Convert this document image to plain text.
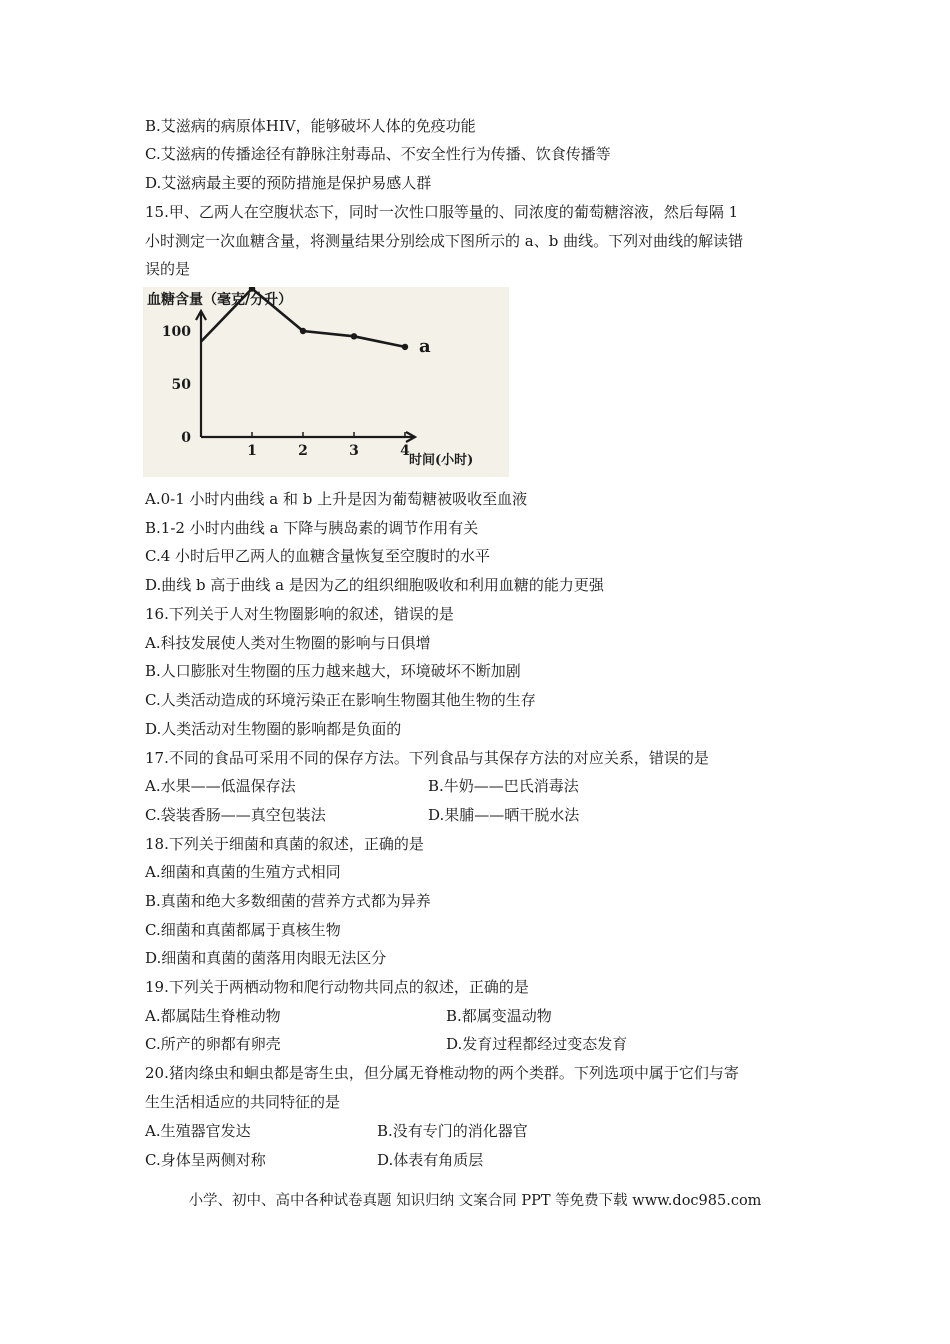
B.艾滋病的病原体HIV，能够破坏人体的免疫功能
C.艾滋病的传播途径有静脉注射毒品、不安全性行为传播、饮食传播等
D.艾滋病最主要的预防措施是保护易感人群
15.甲、乙两人在空腹状态下，同时一次性口服等量的、同浓度的葡萄糖溶液，然后每隔 1
小时测定一次血糖含量，将测量结果分别绘成下图所示的 a、b 曲线。下列对曲线的解读错
误的是
血糖含量（毫克/分升）
时间(小时)
100
50
0
1	2	3	4
a
A.0-1 小时内曲线 a 和 b 上升是因为葡萄糖被吸收至血液
B.1-2 小时内曲线 a 下降与胰岛素的调节作用有关
C.4 小时后甲乙两人的血糖含量恢复至空腹时的水平
D.曲线 b 高于曲线 a 是因为乙的组织细胞吸收和利用血糖的能力更强
16.下列关于人对生物圈影响的叙述，错误的是
A.科技发展使人类对生物圈的影响与日俱增
B.人口膨胀对生物圈的压力越来越大，环境破坏不断加剧
C.人类活动造成的环境污染正在影响生物圈其他生物的生存
D.人类活动对生物圈的影响都是负面的
17.不同的食品可采用不同的保存方法。下列食品与其保存方法的对应关系，错误的是
A.水果——低温保存法	B.牛奶——巴氏消毒法
C.袋装香肠——真空包装法	D.果脯——晒干脱水法
18.下列关于细菌和真菌的叙述，正确的是
A.细菌和真菌的生殖方式相同
B.真菌和绝大多数细菌的营养方式都为异养
C.细菌和真菌都属于真核生物
D.细菌和真菌的菌落用肉眼无法区分
19.下列关于两栖动物和爬行动物共同点的叙述，正确的是
A.都属陆生脊椎动物	B.都属变温动物
C.所产的卵都有卵壳	D.发育过程都经过变态发育
20.猪肉绦虫和蛔虫都是寄生虫，但分属无脊椎动物的两个类群。下列选项中属于它们与寄
生生活相适应的共同特征的是
A.生殖器官发达	B.没有专门的消化器官
C.身体呈两侧对称	D.体表有角质层
小学、初中、高中各种试卷真题 知识归纳 文案合同 PPT 等免费下载 www.doc985.com
